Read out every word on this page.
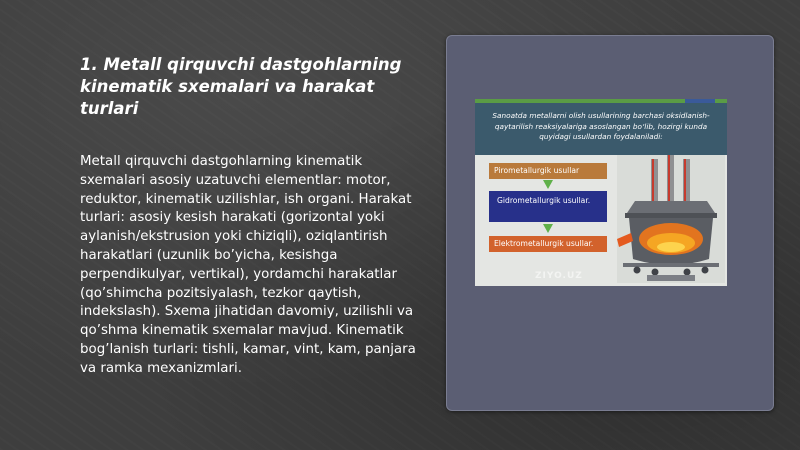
1. Metall qirquvchi dastgohlarning kinematik sxemalari va harakat turlari

Metall qirquvchi dastgohlarning kinematik sxemalari asosiy uzatuvchi elementlar: motor, reduktor, kinematik uzilishlar, ish organi. Harakat turlari: asosiy kesish harakati (gorizontal yoki aylanish/ekstrusion yoki chiziqli), oziqlantirish harakatlari (uzunlik bo’yicha, kesishga perpendikulyar, vertikal), yordamchi harakatlar (qo’shimcha pozitsiyalash, tezkor qaytish, indekslash). Sxema jihatidan davomiy, uzilishli va qo’shma kinematik sxemalar mavjud. Kinematik bog’lanish turlari: tishli, kamar, vint, kam, panjara va ramka mexanizmlari.

Sanoatda metallarni olish usullarining barchasi oksidlanish-qaytarilish reaksiyalariga asoslangan bo‘lib, hozirgi kunda quyidagi usullardan foydalaniladi:

Pirometallurgik usullar
Gidrometallurgik usullar.
Elektrometallurgik usullar.
ZIYO.UZ
